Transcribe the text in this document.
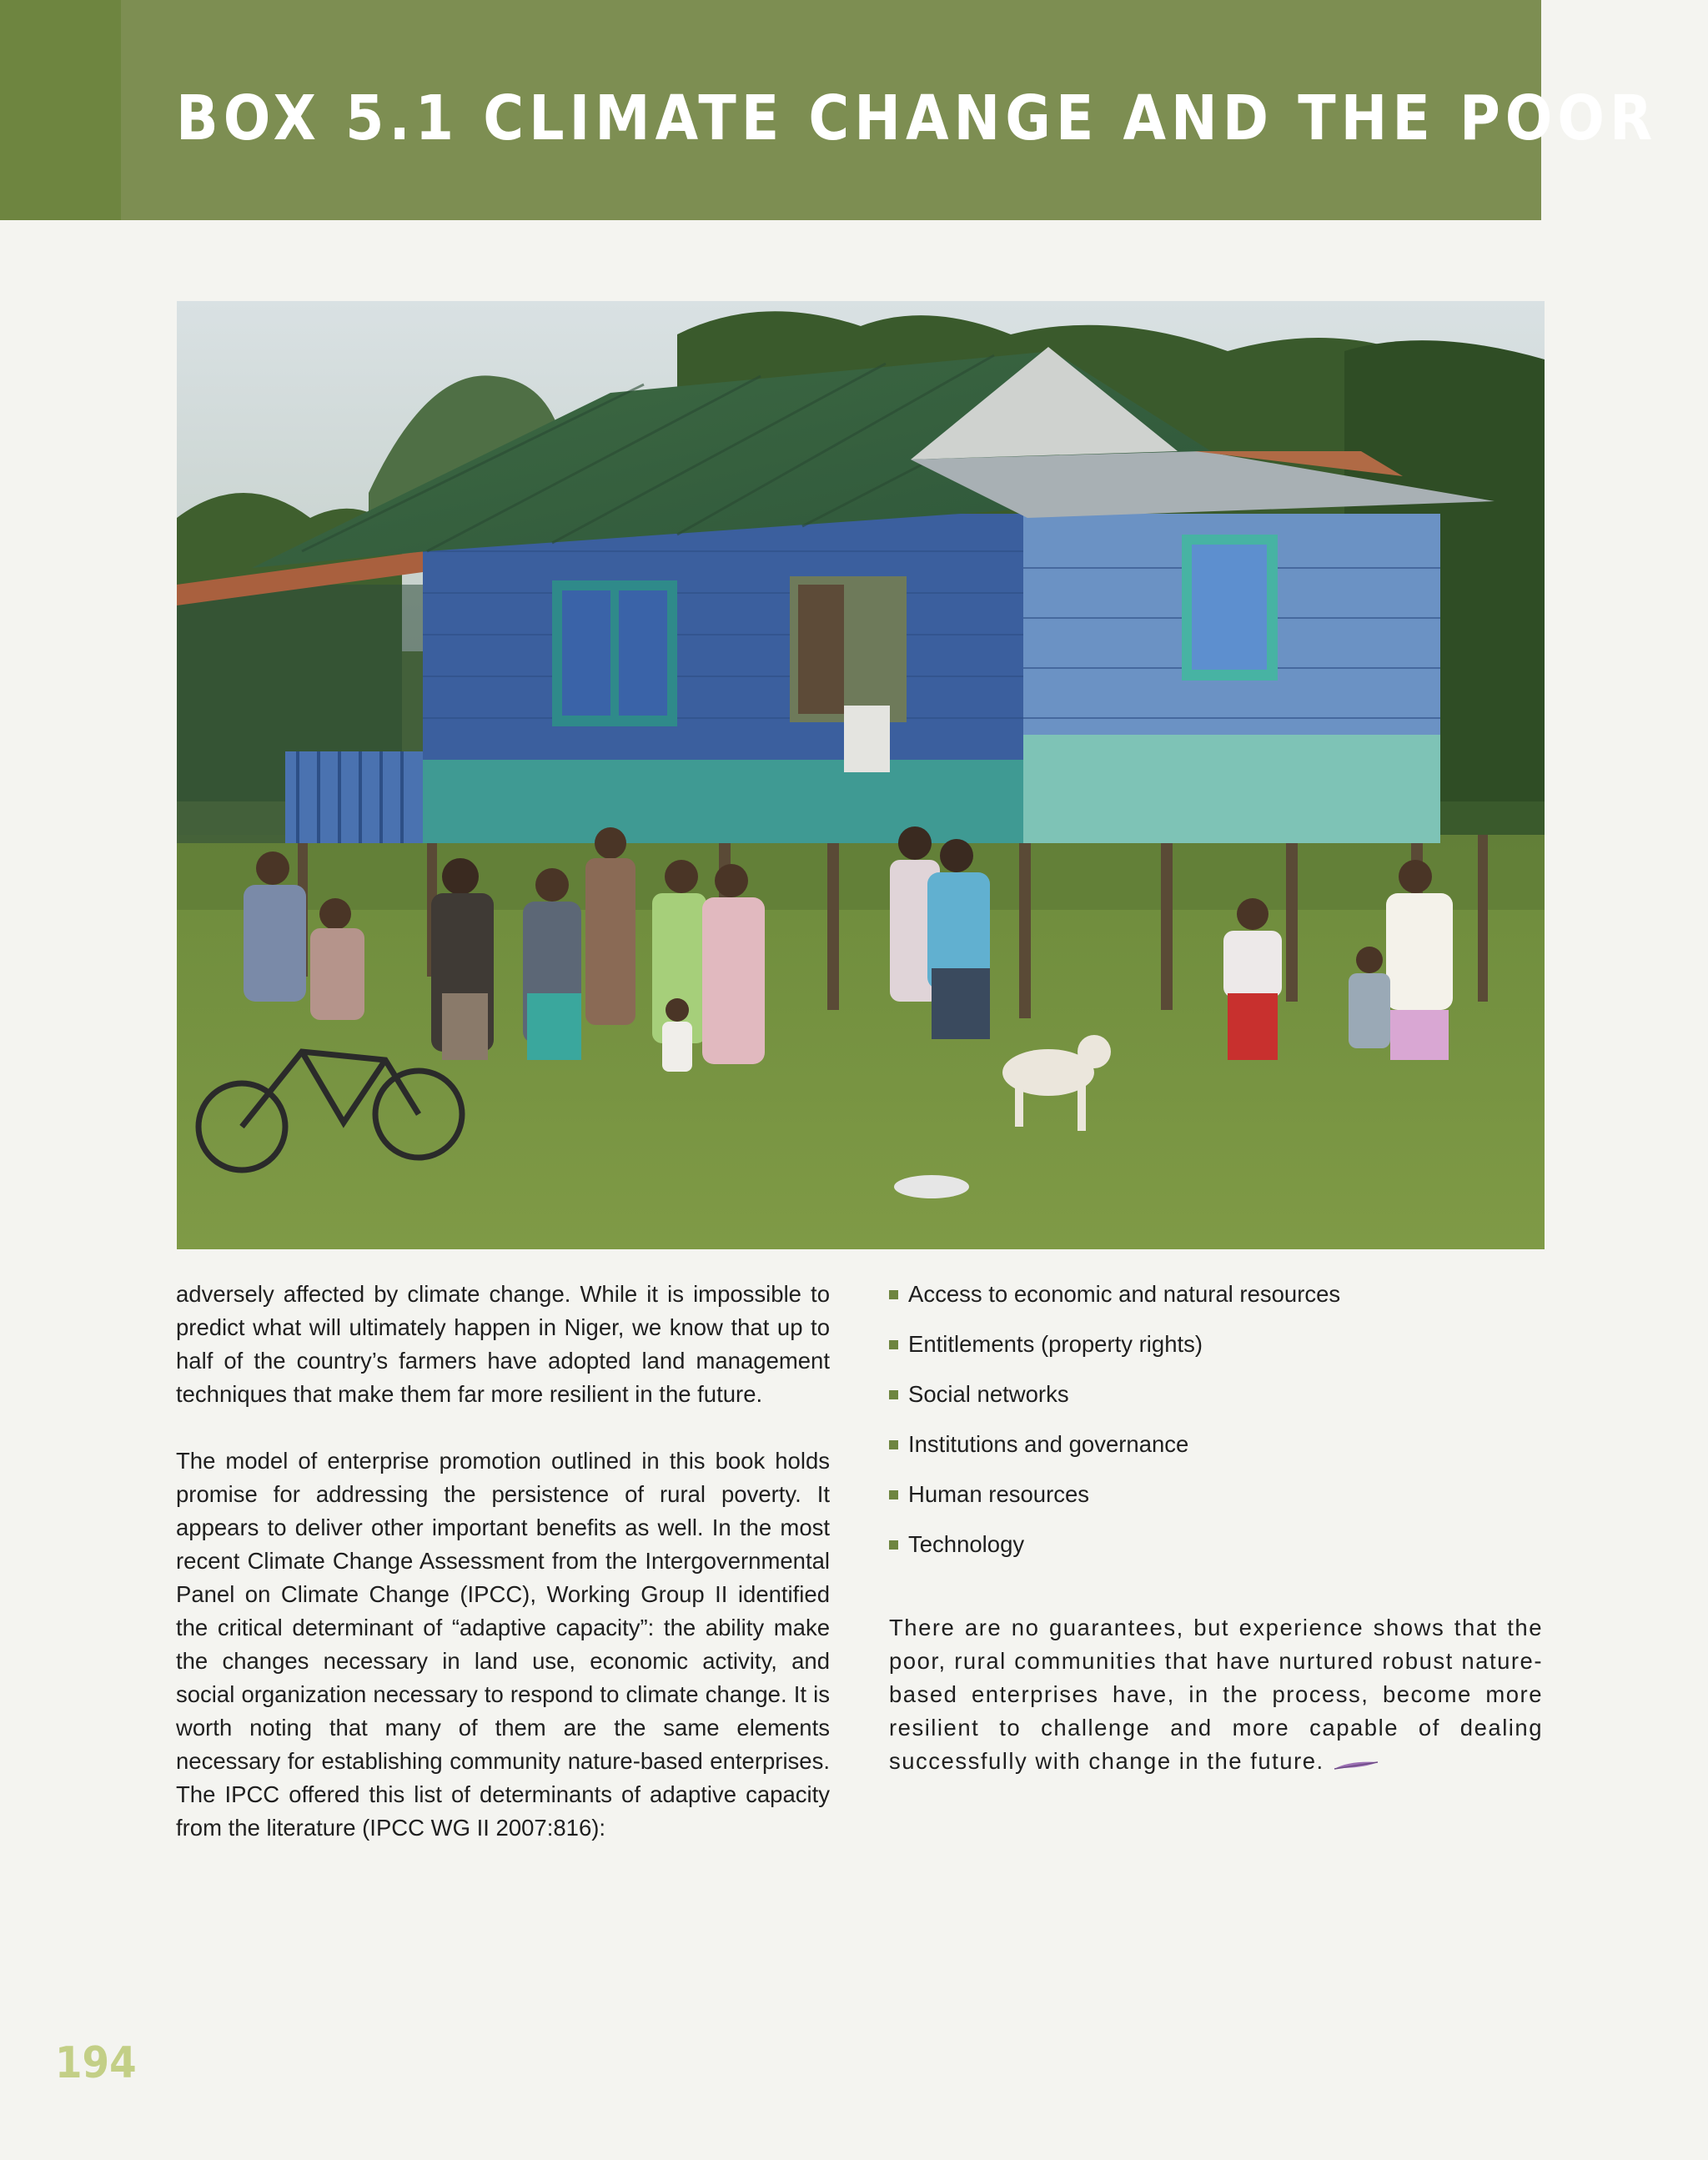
BOX 5.1 CLIMATE CHANGE AND THE POOR

adversely affected by climate change. While it is impossible to predict what will ultimately happen in Niger, we know that up to half of the country’s farmers have adopted land management techniques that make them far more resilient in the future.

The model of enterprise promotion outlined in this book holds promise for addressing the persistence of rural poverty. It appears to deliver other important benefits as well. In the most recent Climate Change Assessment from the Intergovernmental Panel on Climate Change (IPCC), Working Group II identified the critical determinant of “adaptive capacity”: the ability make the changes necessary in land use, economic activity, and social organization necessary to respond to climate change. It is worth noting that many of them are the same elements necessary for establishing community nature-based enterprises. The IPCC offered this list of determinants of adaptive capacity from the literature (IPCC WG II 2007:816):

Access to economic and natural resources
Entitlements (property rights)
Social networks
Institutions and governance
Human resources
Technology

There are no guarantees, but experience shows that the poor, rural communities that have nurtured robust nature-based enterprises have, in the process, become more resilient to challenge and more capable of dealing successfully with change in the future.

194
